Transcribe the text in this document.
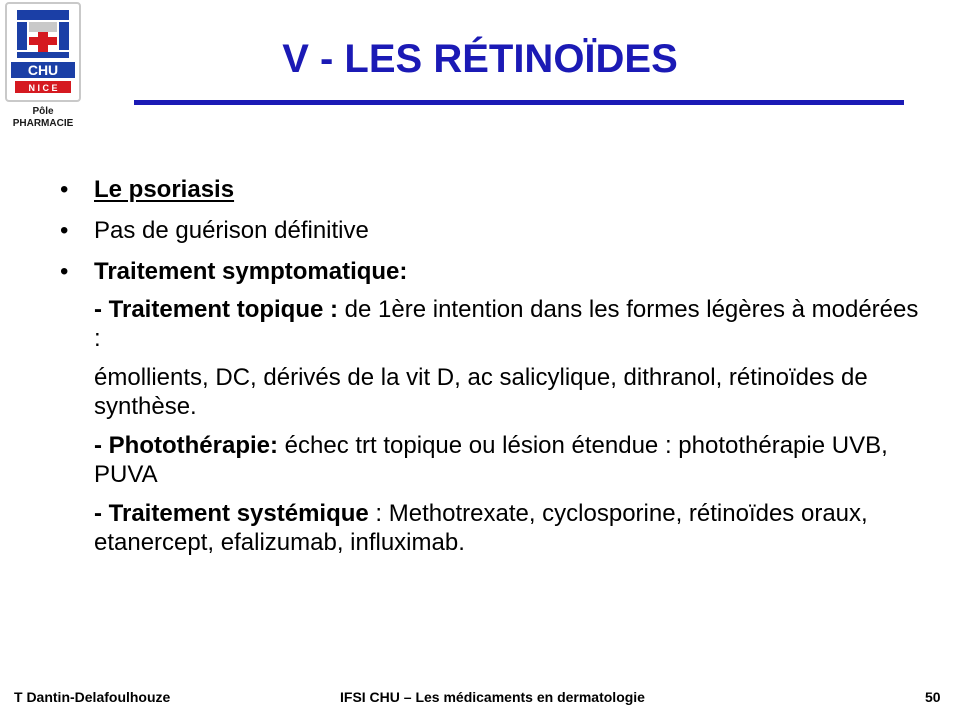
CHU
N I C E
Pôle
PHARMACIE
V - LES RÉTINOÏDES
• Le psoriasis
• Pas de guérison définitive
• Traitement symptomatique:
- Traitement topique : de 1ère intention dans les formes légères à modérées :
émollients, DC, dérivés de la vit D, ac salicylique, dithranol, rétinoïdes de synthèse.
- Photothérapie: échec trt topique ou lésion étendue : photothérapie UVB, PUVA
- Traitement systémique : Methotrexate, cyclosporine, rétinoïdes oraux, etanercept, efalizumab, influximab.
T Dantin-Delafoulhouze	IFSI CHU – Les médicaments en dermatologie	50
